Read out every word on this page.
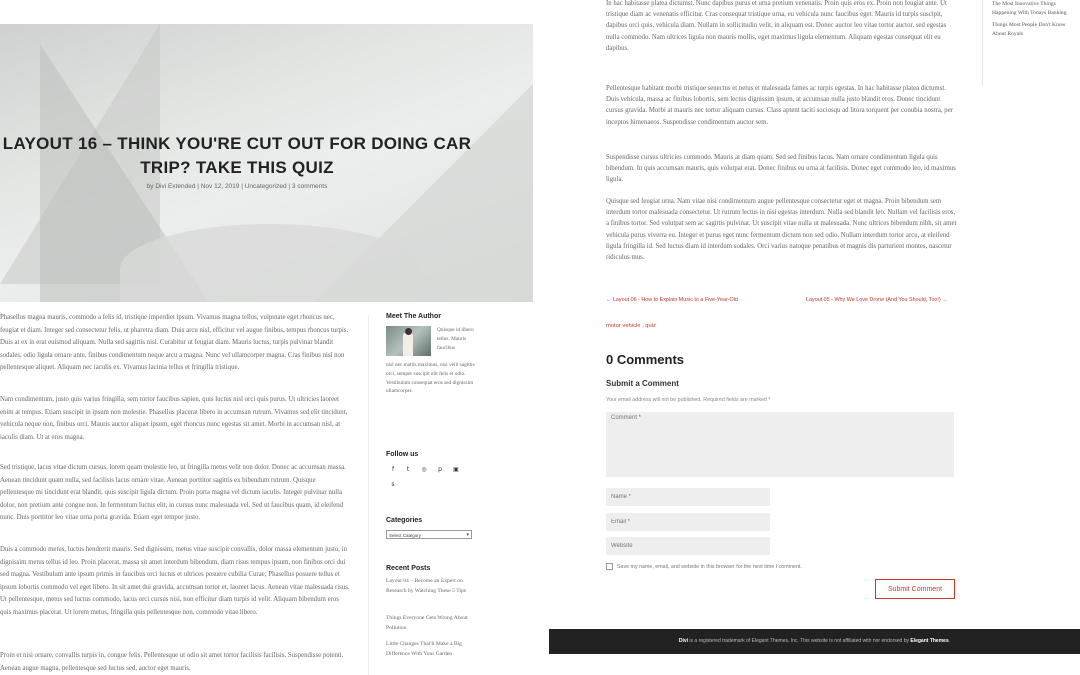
LAYOUT 16 – THINK YOU'RE CUT OUT FOR DOING CAR TRIP? TAKE THIS QUIZ
by Divi Extended | Nov 12, 2019 | Uncategorized | 3 comments
Phasellus magna mauris, commodo a felis id, tristique imperdiet ipsum. Vivamus magna tellus, vulputate eget rhoncus nec, feugiat et diam. Integer sed consectetur felis, ut pharetra diam. Duis arcu nisl, efficitur vel augue finibus, tempus rhoncus turpis. Duis at ex in erat euismod aliquam. Nulla sed sagittis nisl. Curabitur ut feugiat diam. Mauris luctus, turpis pulvinar blandit sodales, odio ligula ornare ante, finibus condimentum neque arcu a magna. Nunc vel ullamcorper magna. Cras finibus nisl non pellentesque aliquet. Aliquam nec iaculis ex. Vivamus lacinia tellus et fringilla tristique.
Nam condimentum, justo quis varius fringilla, sem tortor faucibus sapien, quis luctus nisl orci quis purus. Ut ultricies laoreet enim at tempus. Etiam suscipit in ipsum non molestie. Phasellus placerat libero in accumsan rutrum. Vivamus sed elit tincidunt, vehicula neque non, finibus orci. Mauris auctor aliquet ipsum, eget rhoncus nunc egestas sit amet. Morbi in accumsan nisl, at iaculis diam. Ut at eros magna.
Sed tristique, lacus vitae dictum cursus, lorem quam molestie leo, ut fringilla metus velit non dolor. Donec ac accumsan massa. Aenean tincidunt quam nulla, sed facilisis lacus ornare vitae. Aenean porttitor sagittis ex bibendum rutrum. Quisque pellentesque mi tincidunt erat blandit, quis suscipit ligula dictum. Proin porta magna vel dictum iaculis. Integer pulvinar nulla dolor, non pretium ante congue non. In fermentum luctus elit, in cursus nunc malesuada vel. Sed ut faucibus quam, id eleifend nunc. Duis porttitor leo vitae urna porta gravida. Etiam eget tempor justo.
Duis a commodo metus, luctus hendrerit mauris. Sed dignissim, metus vitae suscipit convallis, dolor massa elementum justo, in dignissim metus tellus id leo. Proin placerat, massa sit amet interdum bibendum, diam risus tempus ipsum, non finibus orci dui sed magna. Vestibulum ante ipsum primis in faucibus orci luctus et ultrices posuere cubilia Curae; Phasellus posuere tellus et ipsum lobortis commodo vel eget libero. In sit amet dui gravida, accumsan tortor et, laoreet lacus. Aenean vitae malesuada risus. Ut pellentesque, metus sed luctus commodo, lacus orci cursus nisi, non efficitur diam turpis id velit. Aliquam bibendum eros quis maximus placerat. Ut lorem metus, fringilla quis pellentesque non, commodo vitae libero.
Proin et nisi ornare, convallis turpis in, congue felis. Pellentesque ut odio sit amet tortor facilisis facilisis. Suspendisse potenti. Aenean augue magna, pellentesque sed luctus sed, auctor eget mauris.
Meet The Author
Quisque id libero tellus. Mauris faucibus
nisl nec mattis maximus, nisl velit sagittis orci, semper suscipit elit felis et odio. Vestibulum consequat eros sed dignissim ullamcorper.
Follow us
f	t	◎	p	▣
s
Categories
Select Category	▾
Recent Posts
Layout 04 – Become an Expert on Research by Watching These 5 Tips
Things Everyone Gets Wrong About Pollution
Little Changes That'll Make a Big Difference With Your Garden
In hac habitasse platea dictumst. Nunc dapibus purus et urna pretium venenatis. Proin quis eros ex. Proin non feugiat ante. Ut tristique diam ac venenatis efficitur. Cras consequat tristique urna, eu vehicula nunc faucibus eget. Mauris id turpis suscipit, dapibus orci quis, vehicula diam. Nullam in sollicitudin velit, in aliquam est. Donec auctor leo vitae tortor auctor, sed egestas nulla commodo. Nam ultrices ligula non mauris mollis, eget maximus ligula elementum. Aliquam egestas consequat elit eu dapibus.
Pellentesque habitant morbi tristique senectus et netus et malesuada fames ac turpis egestas. In hac habitasse platea dictumst. Duis vehicula, massa ac finibus lobortis, sem lectus dignissim ipsum, at accumsan nulla justo blandit eros. Donec tincidunt cursus gravida. Morbi at mauris nec tortor aliquam cursus. Class aptent taciti sociosqu ad litora torquent per conubia nostra, per inceptos himenaeos. Suspendisse condimentum auctor sem.
Suspendisse cursus ultricies commodo. Mauris at diam quam. Sed sed finibus lacus. Nam ornare condimentum ligula quis bibendum. In quis accumsan mauris, quis volutpat erat. Donec finibus eu urna at facilisis. Donec eget commodo leo, id maximus ligula.
Quisque sed feugiat urna. Nam vitae nisi condimentum augue pellentesque consectetur eget et magna. Proin bibendum sem interdum tortor malesuada consectetur. Ut rutrum lectus in nisi egestas interdum. Nulla sed blandit leo. Nullam vel facilisis eros, a finibus tortor. Sed volutpat sem ac sagittis pulvinar. Ut suscipit vitae nulla ut malesuada. Nunc ultrices bibendum nibh, sit amet vehicula purus viverra eu. Integer et purus eget nunc fermentum dictum non sed odio. Nullam interdum tortor arcu, at eleifend ligula fringilla id. Sed luctus diam id interdum sodales. Orci varius natoque penatibus et magnis dis parturient montes, nascetur ridiculus mus.
← Layout 06 - How to Explain Music to a Five-Year-Old	Layout 05 - Why We Love Drone (And You Should, Too!) →
motor vehicle , quiz
0 Comments
Submit a Comment
Your email address will not be published. Required fields are marked *
Comment *
Name *
Email *
Website
Save my name, email, and website in this browser for the next time I comment.
Submit Comment
The Most Innovative Things Happening With Todays Banking
Things Most People Don't Know About Royals
Divi is a registered trademark of Elegant Themes, Inc. This website is not affiliated with nor endorsed by Elegant Themes.
